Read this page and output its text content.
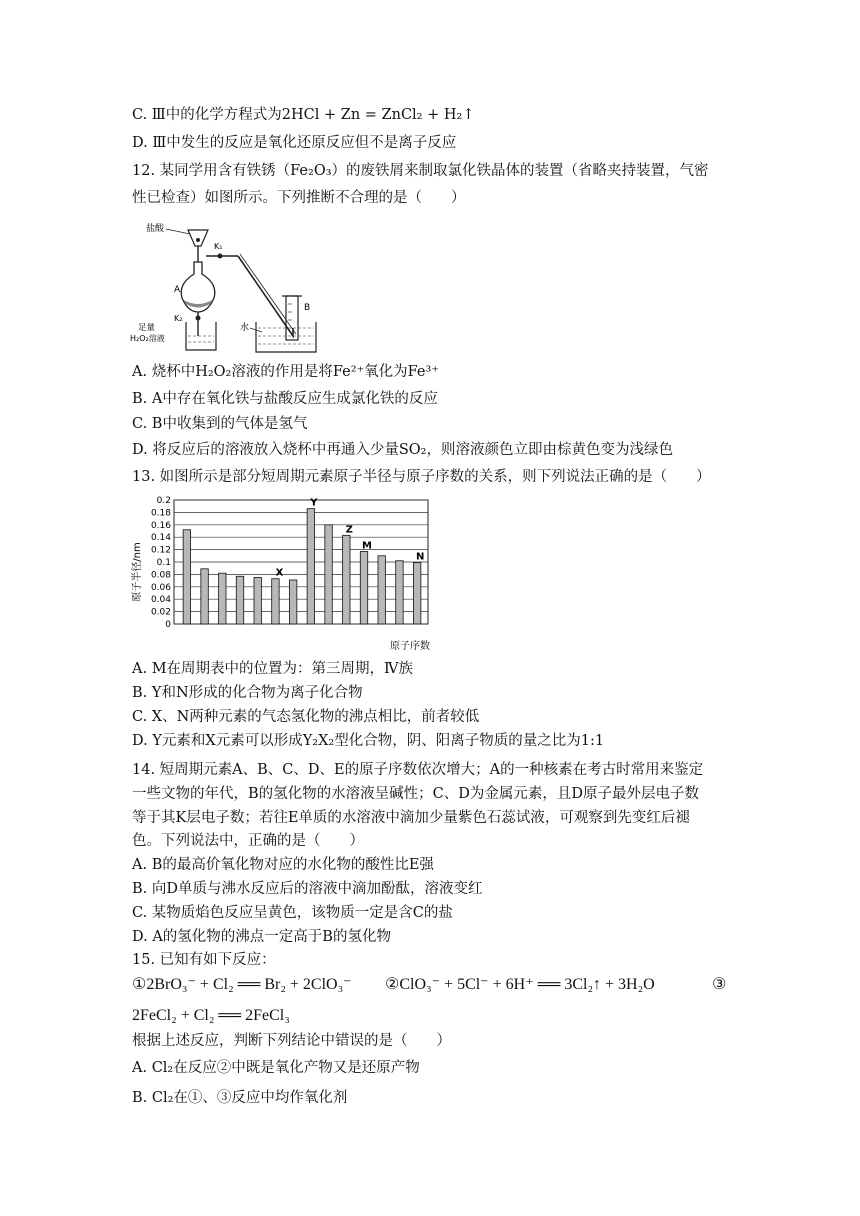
C. Ⅲ中的化学方程式为2HCl + Zn = ZnCl₂ + H₂↑
D. Ⅲ中发生的反应是氧化还原反应但不是离子反应
12. 某同学用含有铁锈（Fe₂O₃）的废铁屑来制取氯化铁晶体的装置（省略夹持装置，气密
性已检查）如图所示。下列推断不合理的是（　　）
盐酸
K₁
A
K₂
足量
H₂O₂溶液
水
B
A. 烧杯中H₂O₂溶液的作用是将Fe²⁺氧化为Fe³⁺
B. A中存在氧化铁与盐酸反应生成氯化铁的反应
C. B中收集到的气体是氢气
D. 将反应后的溶液放入烧杯中再通入少量SO₂，则溶液颜色立即由棕黄色变为浅绿色
13. 如图所示是部分短周期元素原子半径与原子序数的关系，则下列说法正确的是（　　）
原子半径/nm
0.2
0.18
0.16
0.14
0.12
0.1
0.08
0.06
0.04
0.02
0
X
Y
Z
M
N
原子序数
A. M在周期表中的位置为：第三周期，Ⅳ族
B. Y和N形成的化合物为离子化合物
C. X、N两种元素的气态氢化物的沸点相比，前者较低
D. Y元素和X元素可以形成Y₂X₂型化合物，阴、阳离子物质的量之比为1:1
14. 短周期元素A、B、C、D、E的原子序数依次增大；A的一种核素在考古时常用来鉴定
一些文物的年代，B的氢化物的水溶液呈碱性；C、D为金属元素，且D原子最外层电子数
等于其K层电子数；若往E单质的水溶液中滴加少量紫色石蕊试液，可观察到先变红后褪
色。下列说法中，正确的是（　　）
A. B的最高价氧化物对应的水化物的酸性比E强
B. 向D单质与沸水反应后的溶液中滴加酚酞，溶液变红
C. 某物质焰色反应呈黄色，该物质一定是含C的盐
D. A的氢化物的沸点一定高于B的氢化物
15. 已知有如下反应：
①2BrO₃⁻ + Cl₂ ══ Br₂ + 2ClO₃⁻ ②ClO₃⁻ + 5Cl⁻ + 6H⁺ ══ 3Cl₂↑ + 3H₂O	③
2FeCl₂ + Cl₂ ══ 2FeCl₃
根据上述反应，判断下列结论中错误的是（　　）
A. Cl₂在反应②中既是氧化产物又是还原产物
B. Cl₂在①、③反应中均作氧化剂
